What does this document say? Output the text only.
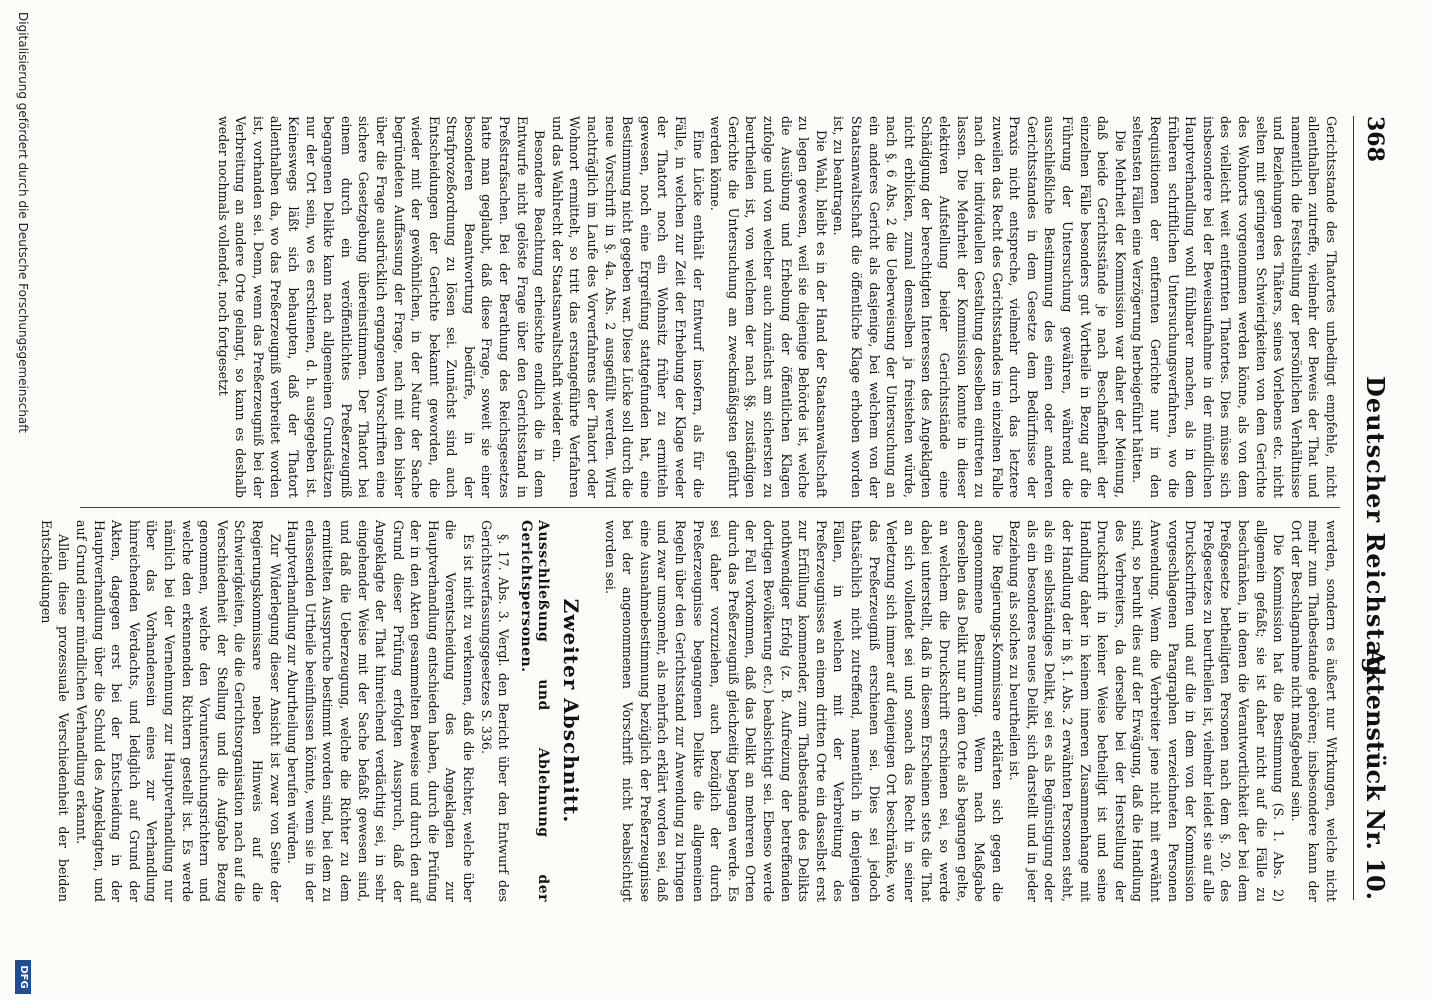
368
Deutscher Reichstag.
Aktenstück Nr. 10.

Gerichtsstande des Thatortes unbedingt empfehle, nicht allenthalben zutreffe, vielmehr der Beweis der That und namentlich die Feststellung der persönlichen Verhältnisse und Beziehungen des Thäters, seines Vorlebens etc. nicht selten mit geringeren Schwierigkeiten von dem Gerichte des Wohnorts vorgenommen werden könne, als von dem des vielleicht weit entfernten Thatortes. Dies müsse sich insbesondere bei der Beweisaufnahme in der mündlichen Hauptverhandlung wohl fühlbarer machen, als in dem früheren schriftlichen Untersuchungsverfahren, wo die Requisitionen der entfernten Gerichte nur in den seltensten Fällen eine Verzögerung herbeigeführt hätten.

Die Mehrheit der Kommission war daher der Meinung, daß beide Gerichtsstände je nach Beschaffenheit der einzelnen Fälle besonders gut Vortheile in Bezug auf die Führung der Untersuchung gewähren, während die ausschließliche Bestimmung des einen oder anderen Gerichtsstandes in dem Gesetze dem Bedürfnisse der Praxis nicht entspreche, vielmehr durch das letztere zuweilen das Recht des Gerichtsstandes im einzelnen Falle nach der individuellen Gestaltung desselben eintreten zu lassen. Die Mehrheit der Kommission konnte in dieser elektiven Aufstellung beider Gerichtsstände eine Schädigung der berechtigten Interessen des Angeklagten nicht erblicken, zumal demselben ja freistehen würde, nach §. 6 Abs. 2 die Ueberweisung der Untersuchung an ein anderes Gericht als dasjenige, bei welchem von der Staatsanwaltschaft die öffentliche Klage erhoben worden ist, zu beantragen.

Die Wahl, bleibt es in der Hand der Staatsanwaltschaft zu legen gewesen, weil sie diejenige Behörde ist, welche die Ausübung und Erhebung der öffentlichen Klagen zufolge und von welcher auch zunächst am sichersten zu beurtheilen ist, von welchem der nach §§. zuständigen Gerichte die Untersuchung am zweckmäßigsten geführt werden könne.

Eine Lücke enthält der Entwurf insofern, als für die Fälle, in welchen zur Zeit der Erhebung der Klage weder der Thatort noch ein Wohnsitz früher zu ermitteln gewesen, noch eine Ergreifung stattgefunden hat, eine Bestimmung nicht gegeben war. Diese Lücke soll durch die neue Vorschrift in §. 4a. Abs. 2 ausgefüllt werden. Wird nachträglich im Laufe des Vorverfahrens der Thatort oder Wohnort ermittelt, so tritt das erstangeführte Verfahren und das Wahlrecht der Staatsanwaltschaft wieder ein.

Besondere Beachtung erheischte endlich die in dem Entwurfe nicht gelöste Frage über den Gerichtsstand in Preßstrafsachen. Bei der Berathung des Reichsgesetzes hatte man geglaubt, daß diese Frage, soweit sie einer besonderen Beantwortung bedürfe, in der Strafprozeßordnung zu lösen sei. Zunächst sind auch Entscheidungen der Gerichte bekannt geworden, die wieder mit der gewöhnlichen, in der Natur der Sache begründeten Auffassung der Frage, nach mit den bisher über die Frage ausdrücklich ergangenen Vorschriften eine sichere Gesetzgebung übereinstimmen. Der Thatort bei einem durch ein veröffentlichtes Preßerzeugniß begangenen Delikte kann nach allgemeinen Grundsätzen nur der Ort sein, wo es erschienen, d. h. ausgegeben ist. Keineswegs läßt sich behaupten, daß der Thatort allenthalben da, wo das Preßerzeugniß verbreitet worden ist, vorhanden sei. Denn, wenn das Preßerzeugniß bei der Verbreitung an andere Orte gelangt, so kann es deshalb weder nochmals vollendet, noch fortgesetzt

werden, sondern es äußert nur Wirkungen, welche nicht mehr zum Thatbestande gehören; insbesondere kann der Ort der Beschlagnahme nicht maßgebend sein.

Die Kommission hat die Bestimmung (S. 1. Abs. 2) allgemein gefaßt; sie ist daher nicht auf die Fälle zu beschränken, in denen die Verantwortlichkeit der bei dem Preßgesetze betheiligten Personen nach dem §. 20. des Preßgesetzes zu beurtheilen ist, vielmehr leidet sie auf alle Druckschriften und auf die in dem von der Kommission vorgeschlagenen Paragraphen verzeichneten Personen Anwendung. Wenn die Verbreiter jene nicht mit erwähnt sind, so beruht dies auf der Erwägung, daß die Handlung des Verbreiters, da derselbe bei der Herstellung der Druckschrift in keiner Weise betheiligt ist und seine Handlung daher in keinem inneren Zusammenhange mit der Handlung der in §. 1. Abs. 2 erwähnten Personen steht, als ein selbständiges Delikt, sei es als Begünstigung oder als ein besonderes neues Delikt, sich darstellt und in jeder Beziehung als solches zu beurtheilen ist.

Die Regierungs-Kommissare erklärten sich gegen die angenommene Bestimmung. Wenn nach Maßgabe derselben das Delikt nur an dem Orte als begangen gelte, an welchem die Druckschrift erschienen sei, so werde dabei unterstellt, daß in diesem Erscheinen stets die That an sich vollendet sei und sonach das Recht in seiner Verletzung sich immer auf denjenigen Ort beschränke, wo das Preßerzeugniß erschienen sei. Dies sei jedoch thatsächlich nicht zutreffend, namentlich in denjenigen Fällen, in welchen mit der Verbreitung des Preßerzeugnisses an einem dritten Orte ein dasselbst erst zur Erfüllung kommender, zum Thatbestande des Delikts nothwendiger Erfolg (z. B. Aufreizung der betreffenden dortigen Bevölkerung etc.) beabsichtigt sei. Ebenso werde der Fall vorkommen, daß das Delikt an mehreren Orten durch das Preßerzeugniß gleichzeitig begangen werde. Es sei daher vorzuziehen, auch bezüglich der durch Preßerzeugnisse begangenen Delikte die allgemeinen Regeln über den Gerichtsstand zur Anwendung zu bringen und zwar umsomehr, als mehrfach erklärt worden sei, daß eine Ausnahmebestimmung bezüglich der Preßerzeugnisse bei der angenommenen Vorschrift nicht beabsichtigt worden sei.

Zweiter Abschnitt.
Ausschließung und Ablehnung der Gerichtspersonen.

§. 17. Abs. 3. Vergl. den Bericht über den Entwurf des Gerichtsverfassungsgesetzes S. 336.

Es ist nicht zu verkennen, daß die Richter, welche über die Vorentscheidung des Angeklagten zur Hauptverhandlung entschieden haben, durch die Prüfung der in den Akten gesammelten Beweise und durch den auf Grund dieser Prüfung erfolgten Ausspruch, daß der Angeklagte der That hinreichend verdächtig sei, in sehr eingehender Weise mit der Sache befaßt gewesen sind, und daß die Ueberzeugung, welche die Richter zu dem ermittelten Ausspruche bestimmt worden sind, bei dem zu erlassenden Urtheile beeinflussen könnte, wenn sie in der Hauptverhandlung zur Aburtheilung berufen würden.

Zur Widerlegung dieser Ansicht ist zwar von Seite der Regierungskommissare neben Hinweis auf die Schwierigkeiten, die die Gerichtsorganisation nach auf die Verschiedenheit der Stellung und die Aufgabe Bezug genommen, welche den Voruntersuchungsrichtern und welche den erkennenden Richtern gestellt ist. Es werde nämlich bei der Vernehmung zur Hauptverhandlung nur über das Vorhandensein eines zur Verhandlung hinreichenden Verdachts, und lediglich auf Grund der Akten, dagegen erst bei der Entscheidung in der Hauptverhandlung über die Schuld des Angeklagten, und auf Grund einer mündlichen Verhandlung erkannt.

Allein diese prozessuale Verschiedenheit der beiden Entscheidungen

Digitalisierung gefördert durch die Deutsche Forschungsgemeinschaft
DFG
